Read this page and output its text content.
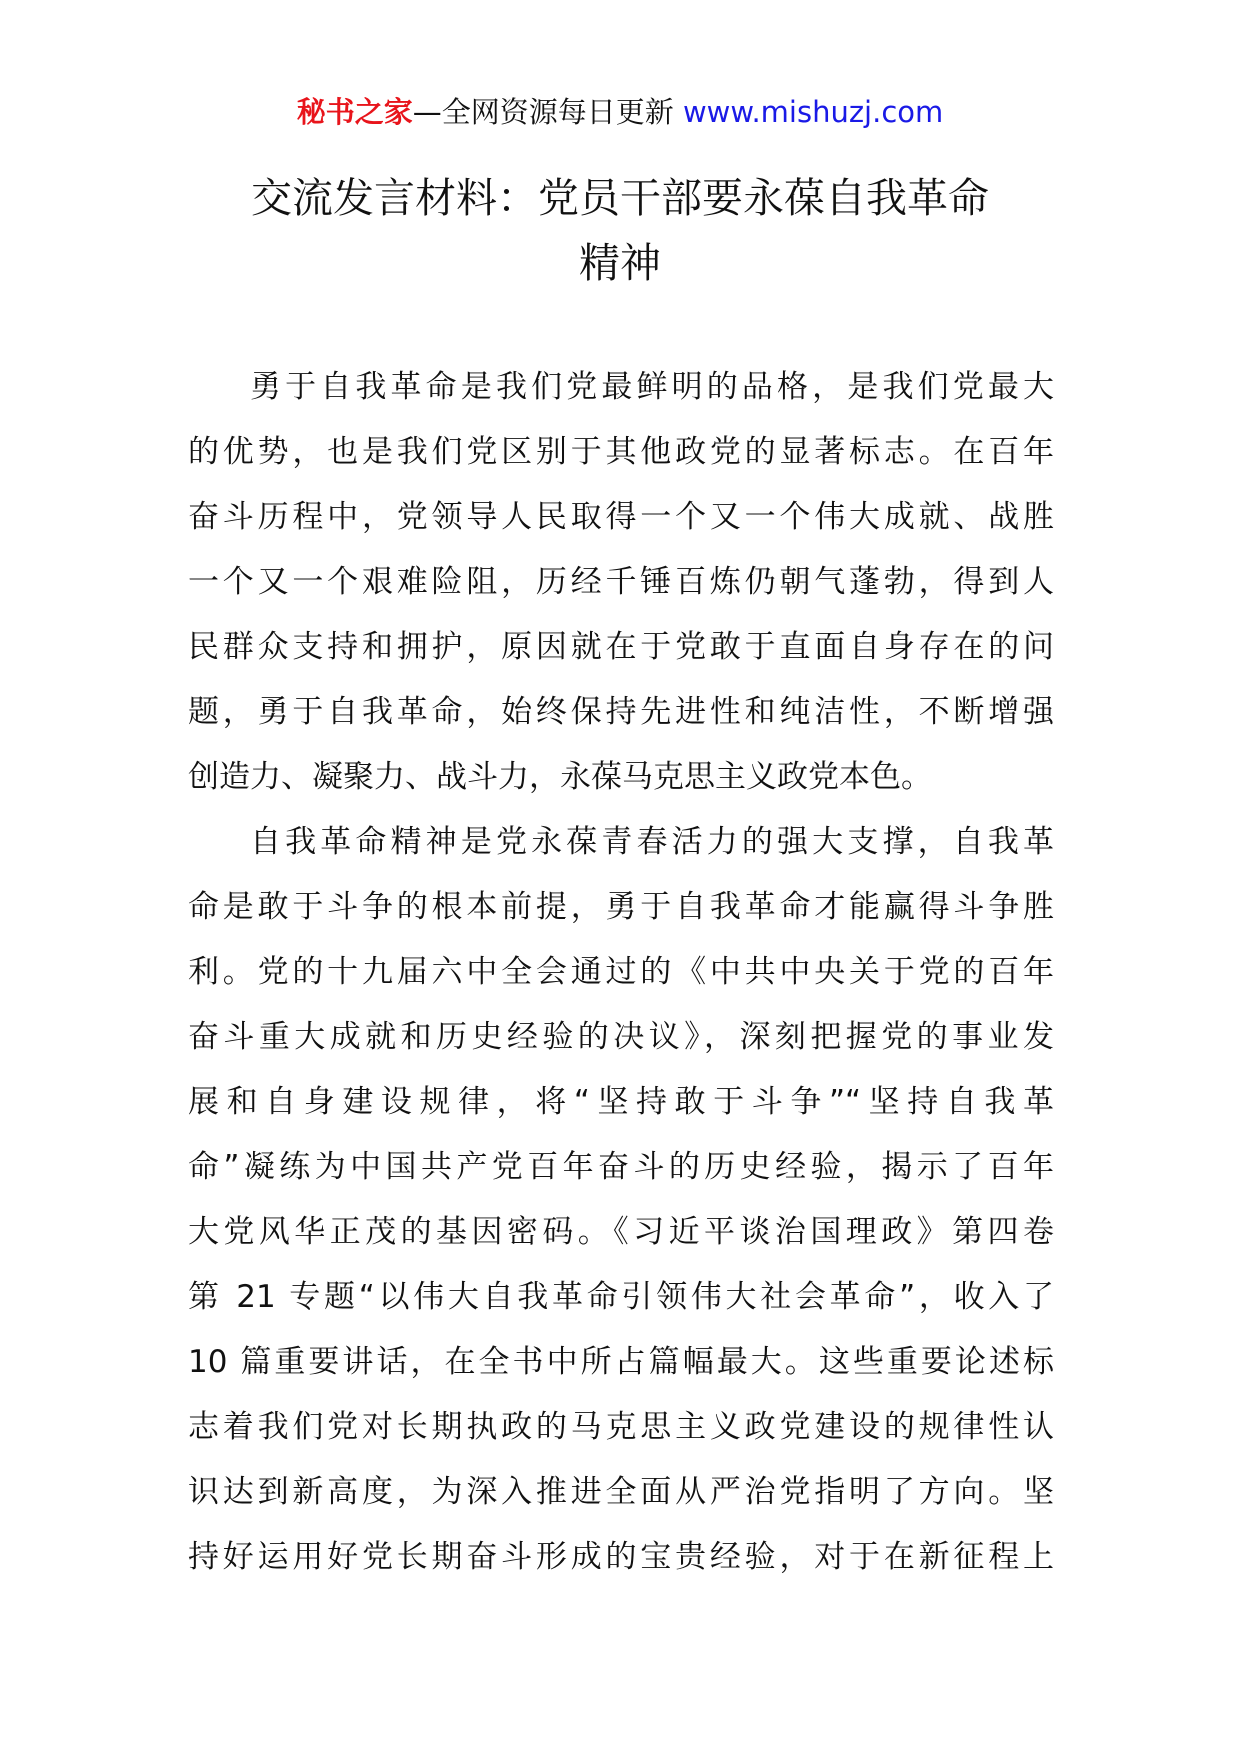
秘书之家—全网资源每日更新 www.mishuzj.com
交流发言材料：党员干部要永葆自我革命
精神
勇于自我革命是我们党最鲜明的品格，是我们党最大
的优势，也是我们党区别于其他政党的显著标志。在百年
奋斗历程中，党领导人民取得一个又一个伟大成就、战胜
一个又一个艰难险阻，历经千锤百炼仍朝气蓬勃，得到人
民群众支持和拥护，原因就在于党敢于直面自身存在的问
题，勇于自我革命，始终保持先进性和纯洁性，不断增强
创造力、凝聚力、战斗力，永葆马克思主义政党本色。
自我革命精神是党永葆青春活力的强大支撑，自我革
命是敢于斗争的根本前提，勇于自我革命才能赢得斗争胜
利。党的十九届六中全会通过的《中共中央关于党的百年
奋斗重大成就和历史经验的决议》，深刻把握党的事业发
展和自身建设规律，将“坚持敢于斗争”“坚持自我革
命”凝练为中国共产党百年奋斗的历史经验，揭示了百年
大党风华正茂的基因密码。《习近平谈治国理政》第四卷
第 21 专题“以伟大自我革命引领伟大社会革命”，收入了
10 篇重要讲话，在全书中所占篇幅最大。这些重要论述标
志着我们党对长期执政的马克思主义政党建设的规律性认
识达到新高度，为深入推进全面从严治党指明了方向。坚
持好运用好党长期奋斗形成的宝贵经验，对于在新征程上
